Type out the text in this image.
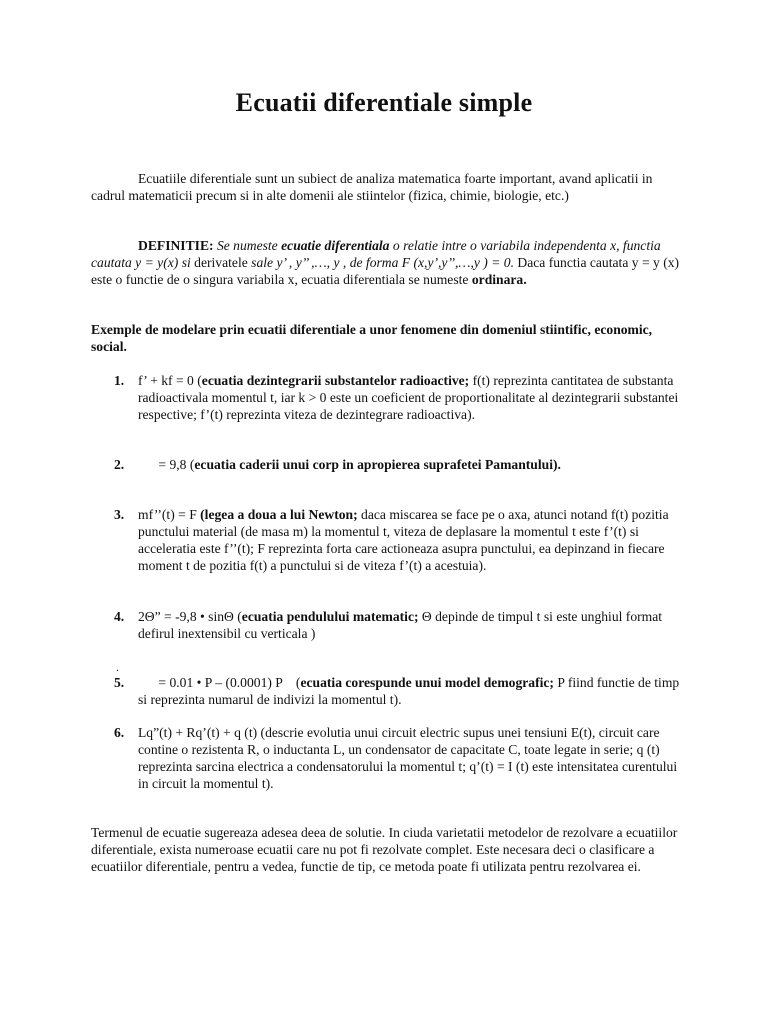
Ecuatii diferentiale simple
Ecuatiile diferentiale sunt un subiect de analiza matematica foarte important, avand aplicatii in cadrul matematicii precum si in alte domenii ale stiintelor (fizica, chimie, biologie, etc.)
DEFINITIE: Se numeste ecuatie diferentiala o relatie intre o variabila independenta x, functia cautata y = y(x) si derivatele sale y’ , y’’ ,…, y , de forma F (x,y’,y’’,…,y ) = 0. Daca functia cautata y = y (x) este o functie de o singura variabila x, ecuatia diferentiala se numeste ordinara.
Exemple de modelare prin ecuatii diferentiale a unor fenomene din domeniul stiintific, economic, social.
1. f’ + kf = 0 (ecuatia dezintegrarii substantelor radioactive; f(t) reprezinta cantitatea de substanta radioactivala momentul t, iar k > 0 este un coeficient de proportionalitate al dezintegrarii substantei respective; f’(t) reprezinta viteza de dezintegrare radioactiva).
2. = 9,8 (ecuatia caderii unui corp in apropierea suprafetei Pamantului).
3. mf’’(t) = F (legea a doua a lui Newton; daca miscarea se face pe o axa, atunci notand f(t) pozitia punctului material (de masa m) la momentul t, viteza de deplasare la momentul t este f’(t) si acceleratia este f’’(t); F reprezinta forta care actioneaza asupra punctului, ea depinzand in fiecare moment t de pozitia f(t) a punctului si de viteza f’(t) a acestuia).
4. 2Θ” = -9,8 • sinΘ (ecuatia pendulului matematic; Θ depinde de timpul t si este unghiul format defirul inextensibil cu verticala )
.
5. = 0.01 • P – (0.0001) P    (ecuatia corespunde unui model demografic; P fiind functie de timp si reprezinta numarul de indivizi la momentul t).
6. Lq”(t) + Rq’(t) + q (t) (descrie evolutia unui circuit electric supus unei tensiuni E(t), circuit care contine o rezistenta R, o inductanta L, un condensator de capacitate C, toate legate in serie; q (t) reprezinta sarcina electrica a condensatorului la momentul t; q’(t) = I (t) este intensitatea curentului in circuit la momentul t).
Termenul de ecuatie sugereaza adesea deea de solutie. In ciuda varietatii metodelor de rezolvare a ecuatiilor diferentiale, exista numeroase ecuatii care nu pot fi rezolvate complet. Este necesara deci o clasificare a ecuatiilor diferentiale, pentru a vedea, functie de tip, ce metoda poate fi utilizata pentru rezolvarea ei.
